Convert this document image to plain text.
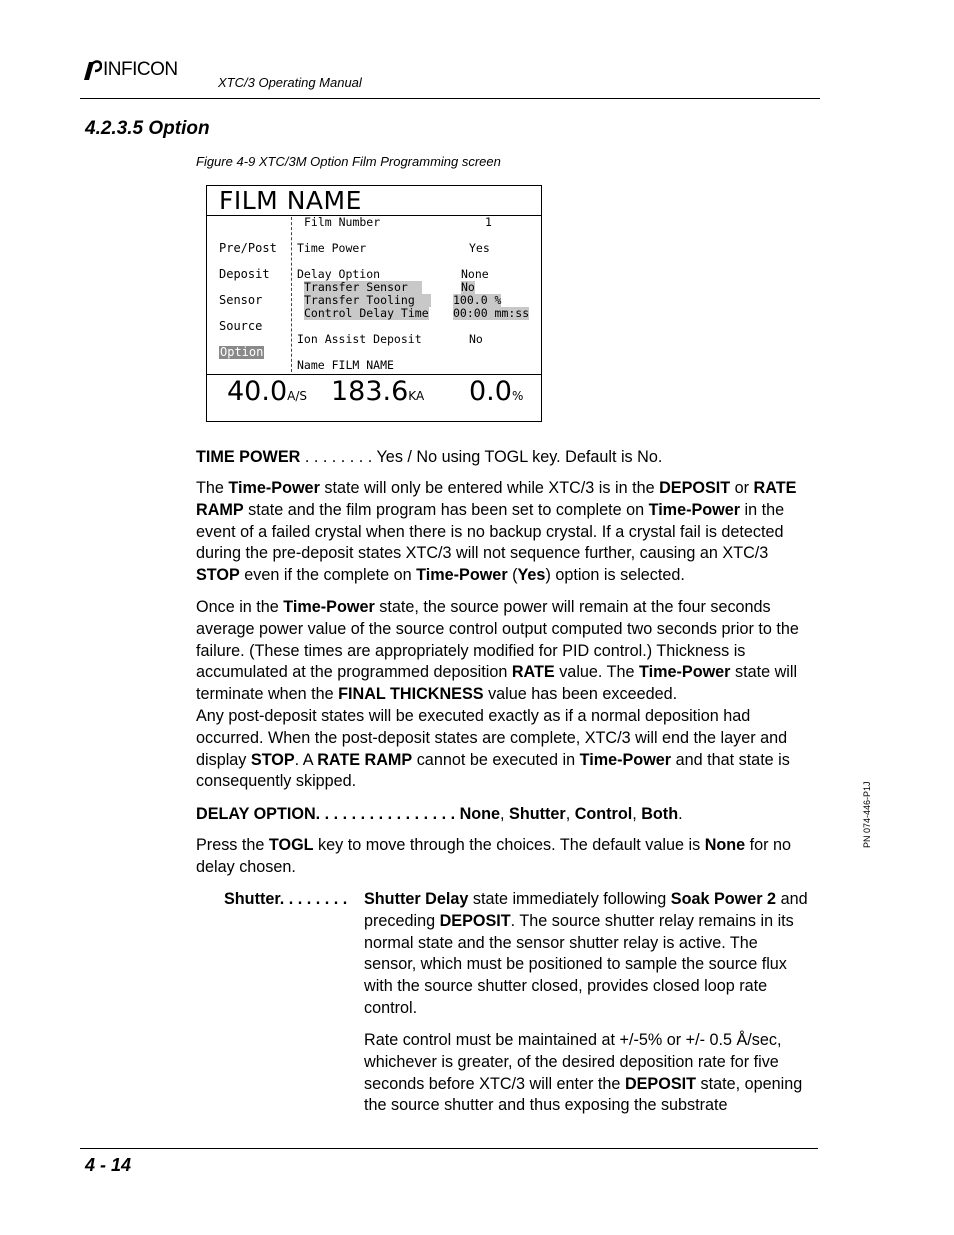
INFICON
XTC/3 Operating Manual
4.2.3.5 Option
Figure 4-9 XTC/3M Option Film Programming screen
FILM NAME
Pre/Post
Deposit
Sensor
Source
Option
Film Number	1
Time Power	Yes
Delay Option	None
Transfer Sensor	No
Transfer Tooling	100.0 %
Control Delay Time 00:00 mm:ss
Ion Assist Deposit	No
Name FILM NAME
40.0A/S 183.6KA 0.0%
TIME POWER . . . . . . . . Yes / No using TOGL key. Default is No.
The Time-Power state will only be entered while XTC/3 is in the DEPOSIT or RATE RAMP state and the film program has been set to complete on Time-Power in the event of a failed crystal when there is no backup crystal. If a crystal fail is detected during the pre-deposit states XTC/3 will not sequence further, causing an XTC/3 STOP even if the complete on Time-Power (Yes) option is selected.
Once in the Time-Power state, the source power will remain at the four seconds average power value of the source control output computed two seconds prior to the failure. (These times are appropriately modified for PID control.) Thickness is accumulated at the programmed deposition RATE value. The Time-Power state will terminate when the FINAL THICKNESS value has been exceeded.
Any post-deposit states will be executed exactly as if a normal deposition had occurred. When the post-deposit states are complete, XTC/3 will end the layer and display STOP. A RATE RAMP cannot be executed in Time-Power and that state is consequently skipped.
DELAY OPTION. . . . . . . . . . . . . . . . None, Shutter, Control, Both.
Press the TOGL key to move through the choices. The default value is None for no delay chosen.
Shutter. . . . . . . .	Shutter Delay state immediately following Soak Power 2 and preceding DEPOSIT. The source shutter relay remains in its normal state and the sensor shutter relay is active. The sensor, which must be positioned to sample the source flux with the source shutter closed, provides closed loop rate control.
Rate control must be maintained at +/-5% or +/- 0.5 Å/sec, whichever is greater, of the desired deposition rate for five seconds before XTC/3 will enter the DEPOSIT state, opening the source shutter and thus exposing the substrate
4 - 14
PN 074-446-P1J
